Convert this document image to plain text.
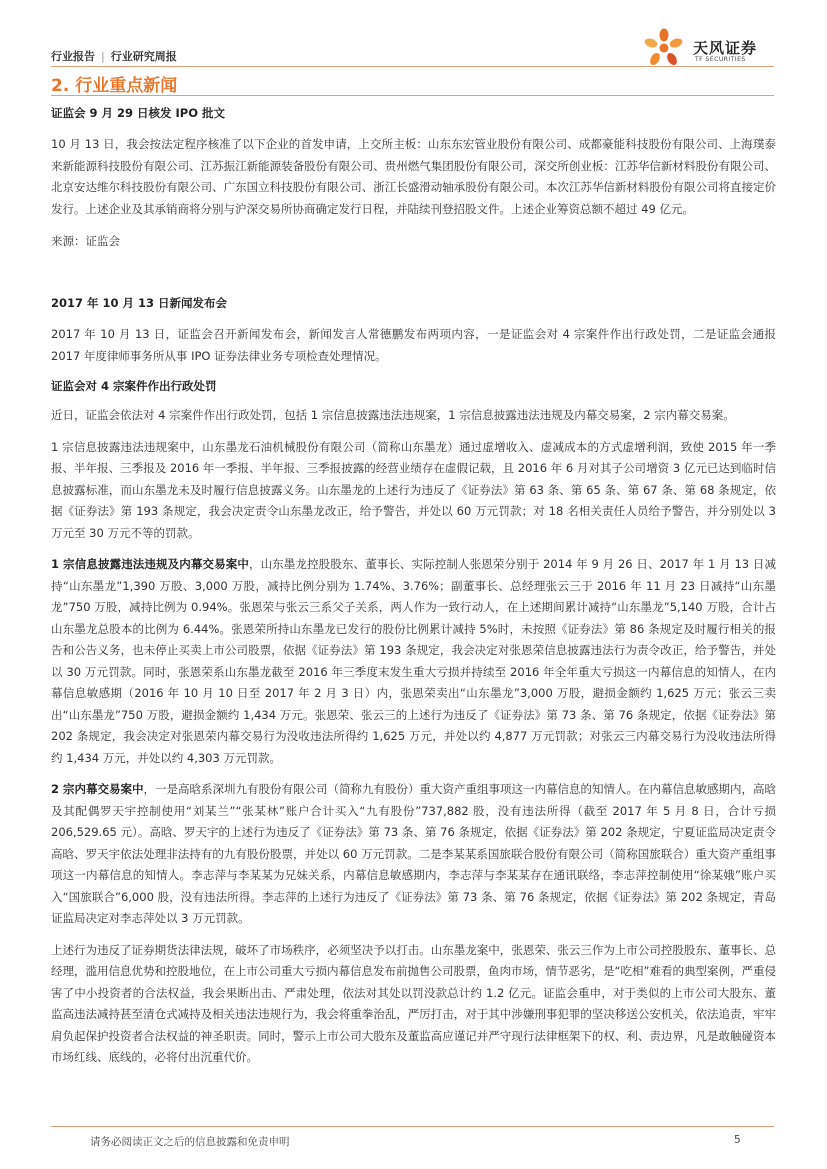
行业报告 | 行业研究周报	天风证券
TF SECURITIES
2. 行业重点新闻
证监会 9 月 29 日核发 IPO 批文
10 月 13 日，我会按法定程序核准了以下企业的首发申请，上交所主板：山东东宏管业股份有限公司、成都豪能科技股份有限公司、上海璞泰来新能源科技股份有限公司、江苏振江新能源装备股份有限公司、贵州燃气集团股份有限公司，深交所创业板：江苏华信新材料股份有限公司、北京安达维尔科技股份有限公司、广东国立科技股份有限公司、浙江长盛滑动轴承股份有限公司。本次江苏华信新材料股份有限公司将直接定价发行。上述企业及其承销商将分别与沪深交易所协商确定发行日程，并陆续刊登招股文件。上述企业筹资总额不超过 49 亿元。
来源：证监会
2017 年 10 月 13 日新闻发布会
2017 年 10 月 13 日，证监会召开新闻发布会，新闻发言人常德鹏发布两项内容，一是证监会对 4 宗案件作出行政处罚，二是证监会通报 2017 年度律师事务所从事 IPO 证券法律业务专项检查处理情况。
证监会对 4 宗案件作出行政处罚
近日，证监会依法对 4 宗案件作出行政处罚，包括 1 宗信息披露违法违规案，1 宗信息披露违法违规及内幕交易案，2 宗内幕交易案。
1 宗信息披露违法违规案中，山东墨龙石油机械股份有限公司（简称山东墨龙）通过虚增收入、虚减成本的方式虚增利润，致使 2015 年一季报、半年报、三季报及 2016 年一季报、半年报、三季报披露的经营业绩存在虚假记载，且 2016 年 6 月对其子公司增资 3 亿元已达到临时信息披露标准，而山东墨龙未及时履行信息披露义务。山东墨龙的上述行为违反了《证券法》第 63 条、第 65 条、第 67 条、第 68 条规定，依据《证券法》第 193 条规定，我会决定责令山东墨龙改正，给予警告，并处以 60 万元罚款；对 18 名相关责任人员给予警告，并分别处以 3 万元至 30 万元不等的罚款。
1 宗信息披露违法违规及内幕交易案中，山东墨龙控股股东、董事长、实际控制人张恩荣分别于 2014 年 9 月 26 日、2017 年 1 月 13 日减持“山东墨龙”1,390 万股、3,000 万股，减持比例分别为 1.74%、3.76%；副董事长、总经理张云三于 2016 年 11 月 23 日减持“山东墨龙”750 万股，减持比例为 0.94%。张恩荣与张云三系父子关系，两人作为一致行动人，在上述期间累计减持“山东墨龙”5,140 万股，合计占山东墨龙总股本的比例为 6.44%。张恩荣所持山东墨龙已发行的股份比例累计减持 5%时，未按照《证券法》第 86 条规定及时履行相关的报告和公告义务，也未停止买卖上市公司股票，依据《证券法》第 193 条规定，我会决定对张恩荣信息披露违法行为责令改正，给予警告，并处以 30 万元罚款。同时，张恩荣系山东墨龙截至 2016 年三季度末发生重大亏损并持续至 2016 年全年重大亏损这一内幕信息的知情人，在内幕信息敏感期（2016 年 10 月 10 日至 2017 年 2 月 3 日）内，张恩荣卖出“山东墨龙”3,000 万股，避损金额约 1,625 万元；张云三卖出“山东墨龙”750 万股，避损金额约 1,434 万元。张恩荣、张云三的上述行为违反了《证券法》第 73 条、第 76 条规定，依据《证券法》第 202 条规定，我会决定对张恩荣内幕交易行为没收违法所得约 1,625 万元，并处以约 4,877 万元罚款；对张云三内幕交易行为没收违法所得约 1,434 万元，并处以约 4,303 万元罚款。
2 宗内幕交易案中，一是高晗系深圳九有股份有限公司（简称九有股份）重大资产重组事项这一内幕信息的知情人。在内幕信息敏感期内，高晗及其配偶罗天宇控制使用“刘某兰”“张某林”账户合计买入“九有股份”737,882 股，没有违法所得（截至 2017 年 5 月 8 日，合计亏损 206,529.65 元）。高晗、罗天宇的上述行为违反了《证券法》第 73 条、第 76 条规定，依据《证券法》第 202 条规定，宁夏证监局决定责令高晗、罗天宇依法处理非法持有的九有股份股票，并处以 60 万元罚款。二是李某某系国旅联合股份有限公司（简称国旅联合）重大资产重组事项这一内幕信息的知情人。李志萍与李某某为兄妹关系，内幕信息敏感期内，李志萍与李某某存在通讯联络，李志萍控制使用“徐某娥”账户买入“国旅联合”6,000 股，没有违法所得。李志萍的上述行为违反了《证券法》第 73 条、第 76 条规定，依据《证券法》第 202 条规定，青岛证监局决定对李志萍处以 3 万元罚款。
上述行为违反了证券期货法律法规，破坏了市场秩序，必须坚决予以打击。山东墨龙案中，张恩荣、张云三作为上市公司控股股东、董事长、总经理，滥用信息优势和控股地位，在上市公司重大亏损内幕信息发布前抛售公司股票，鱼肉市场，情节恶劣，是“吃相”难看的典型案例，严重侵害了中小投资者的合法权益，我会果断出击、严肃处理，依法对其处以罚没款总计约 1.2 亿元。证监会重申，对于类似的上市公司大股东、董监高违法减持甚至清仓式减持及相关违法违规行为，我会将重拳治乱，严厉打击，对于其中涉嫌刑事犯罪的坚决移送公安机关，依法追责，牢牢肩负起保护投资者合法权益的神圣职责。同时，警示上市公司大股东及董监高应谨记并严守现行法律框架下的权、利、责边界，凡是敢触碰资本市场红线、底线的，必将付出沉重代价。
请务必阅读正文之后的信息披露和免责申明	5
